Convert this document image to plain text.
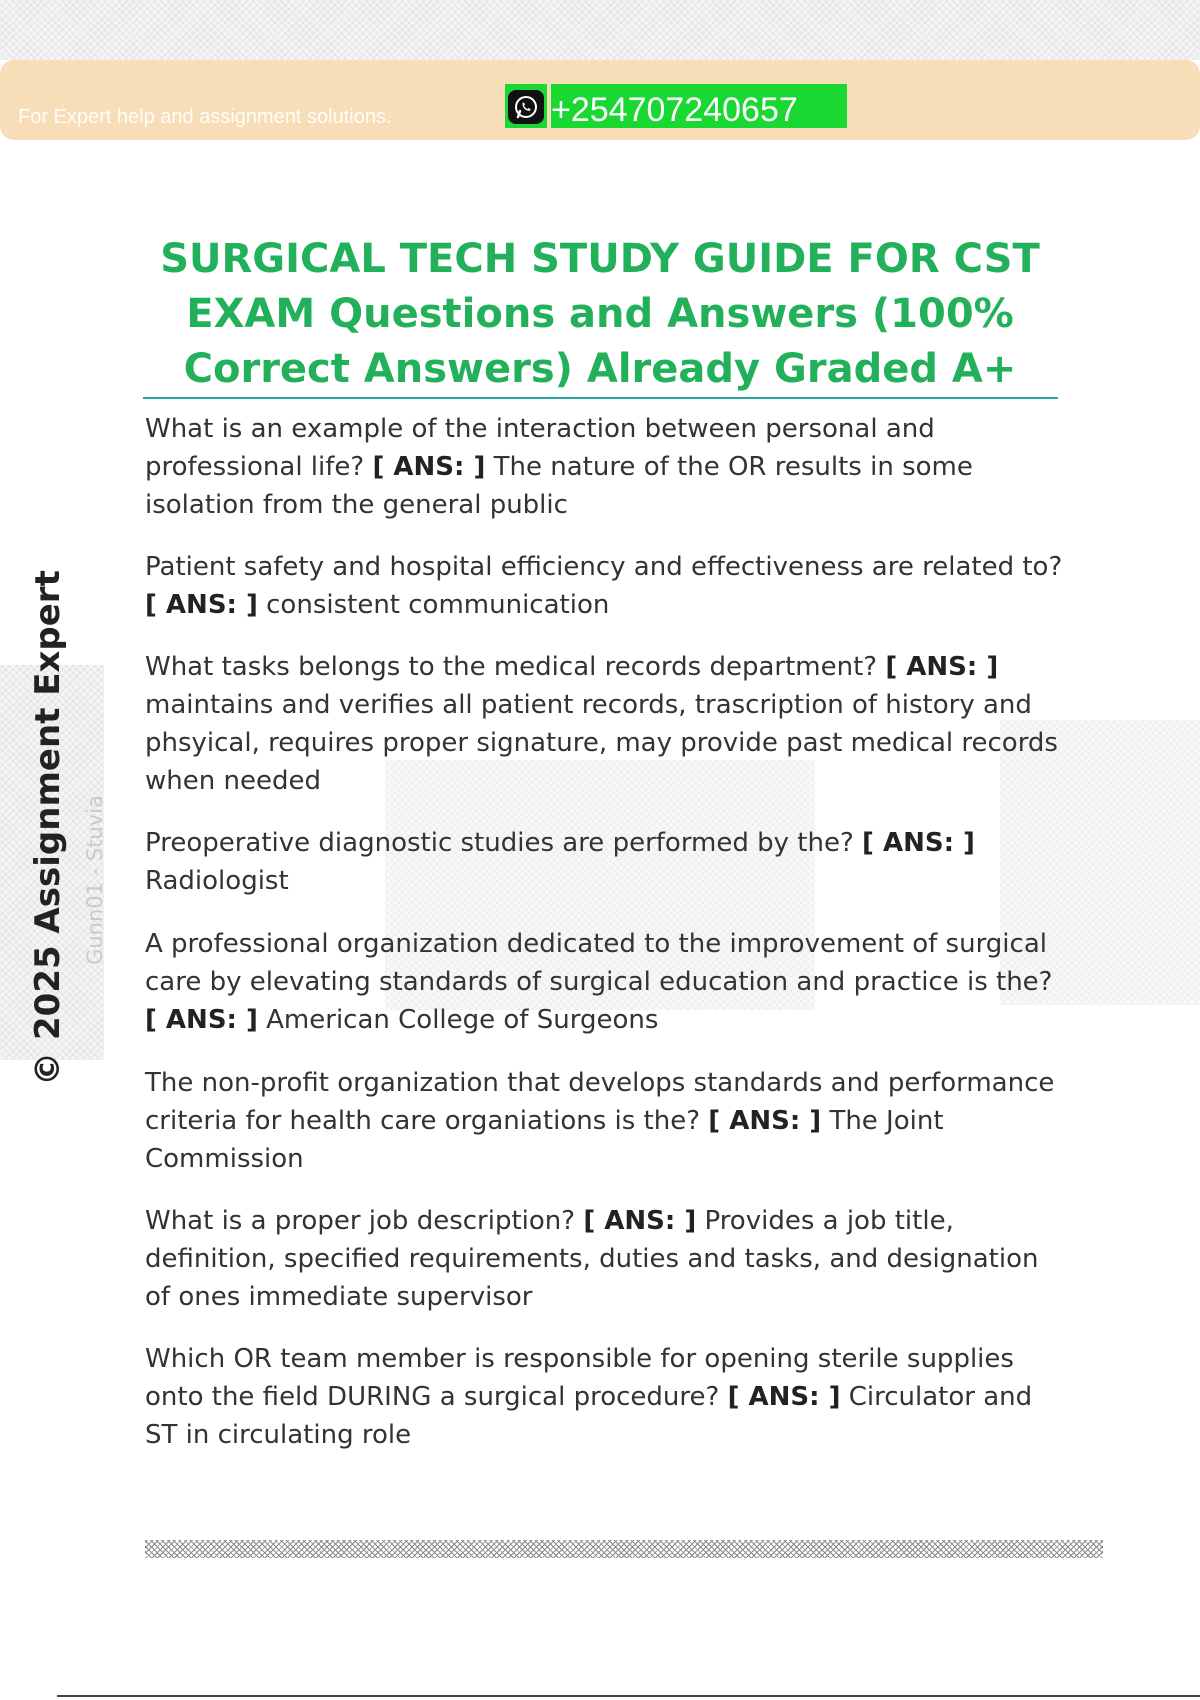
For Expert help and assignment solutions.	+254707240657
SURGICAL TECH STUDY GUIDE FOR CST EXAM Questions and Answers (100% Correct Answers) Already Graded A+

What is an example of the interaction between personal and professional life? [ ANS: ] The nature of the OR results in some isolation from the general public

Patient safety and hospital efficiency and effectiveness are related to? [ ANS: ] consistent communication

What tasks belongs to the medical records department? [ ANS: ] maintains and verifies all patient records, trascription of history and phsyical, requires proper signature, may provide past medical records when needed

Preoperative diagnostic studies are performed by the? [ ANS: ] Radiologist

A professional organization dedicated to the improvement of surgical care by elevating standards of surgical education and practice is the? [ ANS: ] American College of Surgeons

The non-profit organization that develops standards and performance criteria for health care organiations is the? [ ANS: ] The Joint Commission

What is a proper job description? [ ANS: ] Provides a job title, definition, specified requirements, duties and tasks, and designation of ones immediate supervisor

Which OR team member is responsible for opening sterile supplies onto the field DURING a surgical procedure? [ ANS: ] Circulator and ST in circulating role

Gunn01 - Stuvia
© 2025 Assignment Expert
